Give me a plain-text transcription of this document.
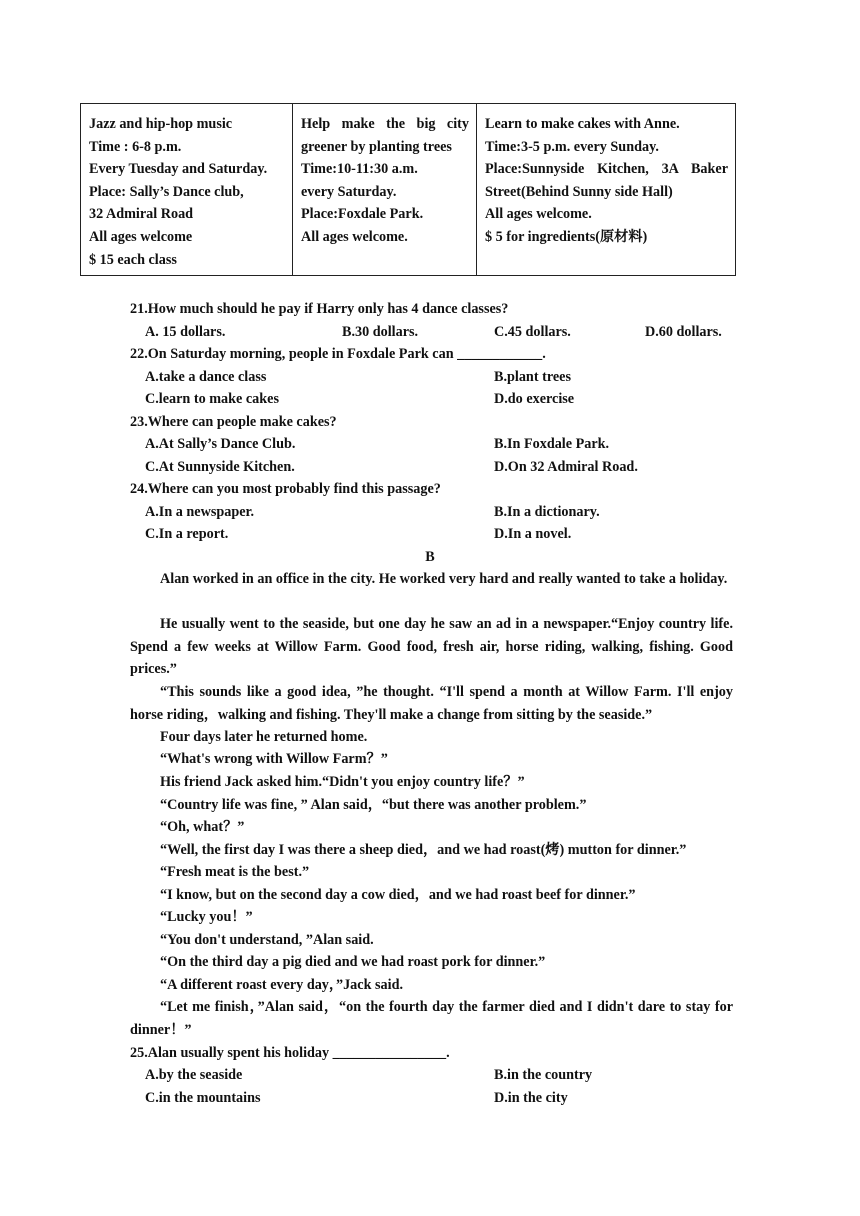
Jazz and hip-hop music
Time : 6-8 p.m.
Every Tuesday and Saturday.
Place: Sally’s Dance club,
32 Admiral Road
All ages welcome
$ 15 each class

Help make the big city
greener by planting trees
Time:10-11:30 a.m.
every Saturday.
Place:Foxdale Park.
All ages welcome.

Learn to make cakes with Anne.
Time:3-5 p.m. every Sunday.
Place:Sunnyside Kitchen, 3A Baker
Street(Behind Sunny side Hall)
All ages welcome.
$ 5 for ingredients(原材料)
21.How much should he pay if Harry only has 4 dance classes?
A. 15 dollars.	B.30 dollars.	C.45 dollars.	D.60 dollars.
22.On Saturday morning, people in Foxdale Park can ____________.
A.take a dance class	B.plant trees
C.learn to make cakes	D.do exercise
23.Where can people make cakes?
A.At Sally’s Dance Club.	B.In Foxdale Park.
C.At Sunnyside Kitchen.	D.On 32 Admiral Road.
24.Where can you most probably find this passage?
A.In a newspaper.	B.In a dictionary.
C.In a report.	D.In a novel.
B
Alan worked in an office in the city. He worked very hard and really wanted to take a holiday.
He usually went to the seaside, but one day he saw an ad in a newspaper.“Enjoy country life. Spend a few weeks at Willow Farm. Good food, fresh air, horse riding, walking, fishing. Good prices.”
“This sounds like a good idea, ”he thought. “I'll spend a month at Willow Farm. I'll enjoy horse riding，walking and fishing. They'll make a change from sitting by the seaside.”
Four days later he returned home.
“What's wrong with Willow Farm？”
His friend Jack asked him.“Didn't you enjoy country life？”
“Country life was fine, ” Alan said，“but there was another problem.”
“Oh, what？”
“Well, the first day I was there a sheep died，and we had roast(烤) mutton for dinner.”
“Fresh meat is the best.”
“I know, but on the second day a cow died，and we had roast beef for dinner.”
“Lucky you！”
“You don't understand, ”Alan said.
“On the third day a pig died and we had roast pork for dinner.”
“A different roast every day，”Jack said.
“Let me finish，”Alan said，“on the fourth day the farmer died and I didn't dare to stay for dinner！”
25.Alan usually spent his holiday ________________.
A.by the seaside	B.in the country
C.in the mountains	D.in the city
